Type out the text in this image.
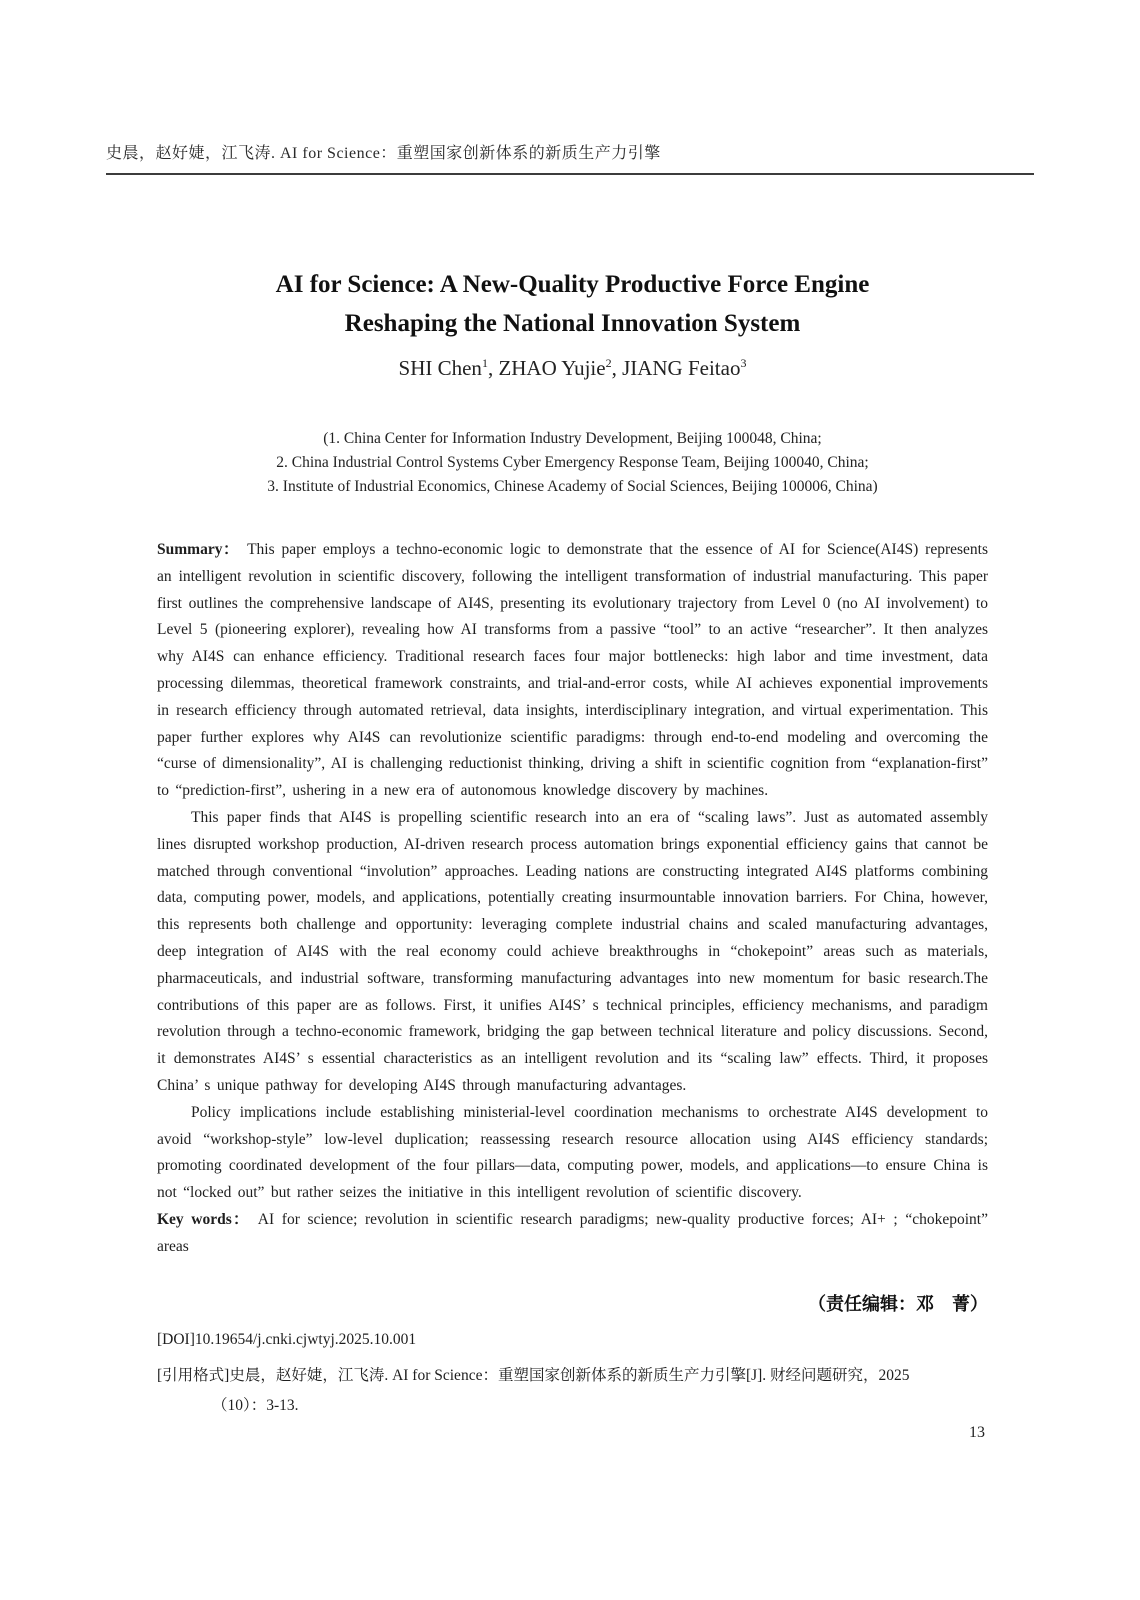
史晨，赵好婕，江飞涛. AI for Science：重塑国家创新体系的新质生产力引擎
AI for Science: A New-Quality Productive Force Engine
Reshaping the National Innovation System
SHI Chen$^1$, ZHAO Yujie$^2$, JIANG Feitao$^3$
(1. China Center for Information Industry Development, Beijing 100048, China;
2. China Industrial Control Systems Cyber Emergency Response Team, Beijing 100040, China;
3. Institute of Industrial Economics, Chinese Academy of Social Sciences, Beijing 100006, China)

Summary： This paper employs a techno-economic logic to demonstrate that the essence of AI for Science(AI4S) represents an intelligent revolution in scientific discovery, following the intelligent transformation of industrial manufacturing. This paper first outlines the comprehensive landscape of AI4S, presenting its evolutionary trajectory from Level 0 (no AI involvement) to Level 5 (pioneering explorer), revealing how AI transforms from a passive “tool” to an active “researcher”. It then analyzes why AI4S can enhance efficiency. Traditional research faces four major bottlenecks: high labor and time investment, data processing dilemmas, theoretical framework constraints, and trial-and-error costs, while AI achieves exponential improvements in research efficiency through automated retrieval, data insights, interdisciplinary integration, and virtual experimentation. This paper further explores why AI4S can revolutionize scientific paradigms: through end-to-end modeling and overcoming the “curse of dimensionality”, AI is challenging reductionist thinking, driving a shift in scientific cognition from “explanation-first” to “prediction-first”, ushering in a new era of autonomous knowledge discovery by machines.

This paper finds that AI4S is propelling scientific research into an era of “scaling laws”. Just as automated assembly lines disrupted workshop production, AI-driven research process automation brings exponential efficiency gains that cannot be matched through conventional “involution” approaches. Leading nations are constructing integrated AI4S platforms combining data, computing power, models, and applications, potentially creating insurmountable innovation barriers. For China, however, this represents both challenge and opportunity: leveraging complete industrial chains and scaled manufacturing advantages, deep integration of AI4S with the real economy could achieve breakthroughs in “chokepoint” areas such as materials, pharmaceuticals, and industrial software, transforming manufacturing advantages into new momentum for basic research.The contributions of this paper are as follows. First, it unifies AI4S’ s technical principles, efficiency mechanisms, and paradigm revolution through a techno-economic framework, bridging the gap between technical literature and policy discussions. Second, it demonstrates AI4S’ s essential characteristics as an intelligent revolution and its “scaling law” effects. Third, it proposes China’ s unique pathway for developing AI4S through manufacturing advantages.

Policy implications include establishing ministerial-level coordination mechanisms to orchestrate AI4S development to avoid “workshop-style” low-level duplication; reassessing research resource allocation using AI4S efficiency standards; promoting coordinated development of the four pillars—data, computing power, models, and applications—to ensure China is not “locked out” but rather seizes the initiative in this intelligent revolution of scientific discovery.

Key words： AI for science; revolution in scientific research paradigms; new-quality productive forces; AI+ ; “chokepoint” areas

（责任编辑：邓　菁）
[DOI]10.19654/j.cnki.cjwtyj.2025.10.001
[引用格式]史晨，赵好婕，江飞涛. AI for Science：重塑国家创新体系的新质生产力引擎[J]. 财经问题研究，2025
（10）：3-13.
13
